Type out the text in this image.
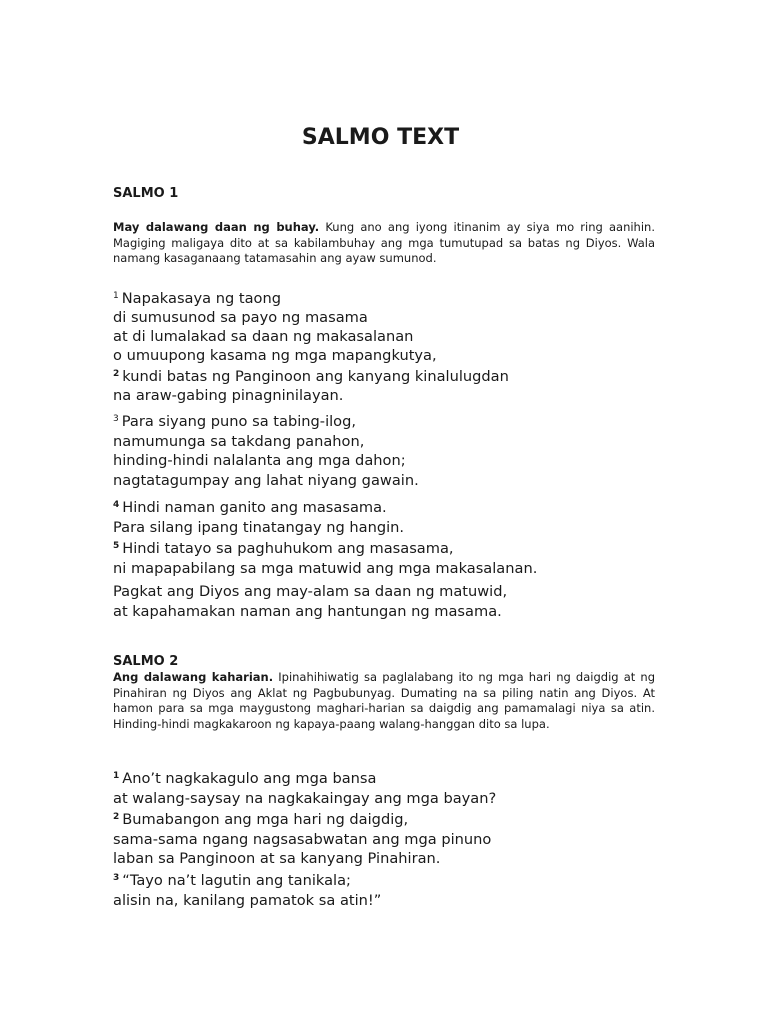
SALMO TEXT
SALMO 1

May dalawang daan ng buhay. Kung ano ang iyong itinanim ay siya mo ring aanihin. Magiging maligaya dito at sa kabilambuhay ang mga tumutupad sa batas ng Diyos. Wala namang kasaganaang tatamasahin ang ayaw sumunod.

$^1$ Napakasaya ng taong
di sumusunod sa payo ng masama
at di lumalakad sa daan ng makasalanan
o umuupong kasama ng mga mapangkutya,
$^2$ kundi batas ng Panginoon ang kanyang kinalulugdan
na araw-gabing pinagninilayan.
$^3$ Para siyang puno sa tabing-ilog,
namumunga sa takdang panahon,
hinding-hindi nalalanta ang mga dahon;
nagtatagumpay ang lahat niyang gawain.
$^4$ Hindi naman ganito ang masasama.
Para silang ipang tinatangay ng hangin.
$^5$ Hindi tatayo sa paghuhukom ang masasama,
ni mapapabilang sa mga matuwid ang mga makasalanan.
Pagkat ang Diyos ang may-alam sa daan ng matuwid,
at kapahamakan naman ang hantungan ng masama.
SALMO 2

Ang dalawang kaharian. Ipinahihiwatig sa paglalabang ito ng mga hari ng daigdig at ng Pinahiran ng Diyos ang Aklat ng Pagbubunyag. Dumating na sa piling natin ang Diyos. At hamon para sa mga maygustong maghari-harian sa daigdig ang pamamalagi niya sa atin. Hinding-hindi magkakaroon ng kapaya-paang walang-hanggan dito sa lupa.

$^1$ Ano’t nagkakagulo ang mga bansa
at walang-saysay na nagkakaingay ang mga bayan?
$^2$ Bumabangon ang mga hari ng daigdig,
sama-sama ngang nagsasabwatan ang mga pinuno
laban sa Panginoon at sa kanyang Pinahiran.
$^3$ “Tayo na’t lagutin ang tanikala;
alisin na, kanilang pamatok sa atin!”
